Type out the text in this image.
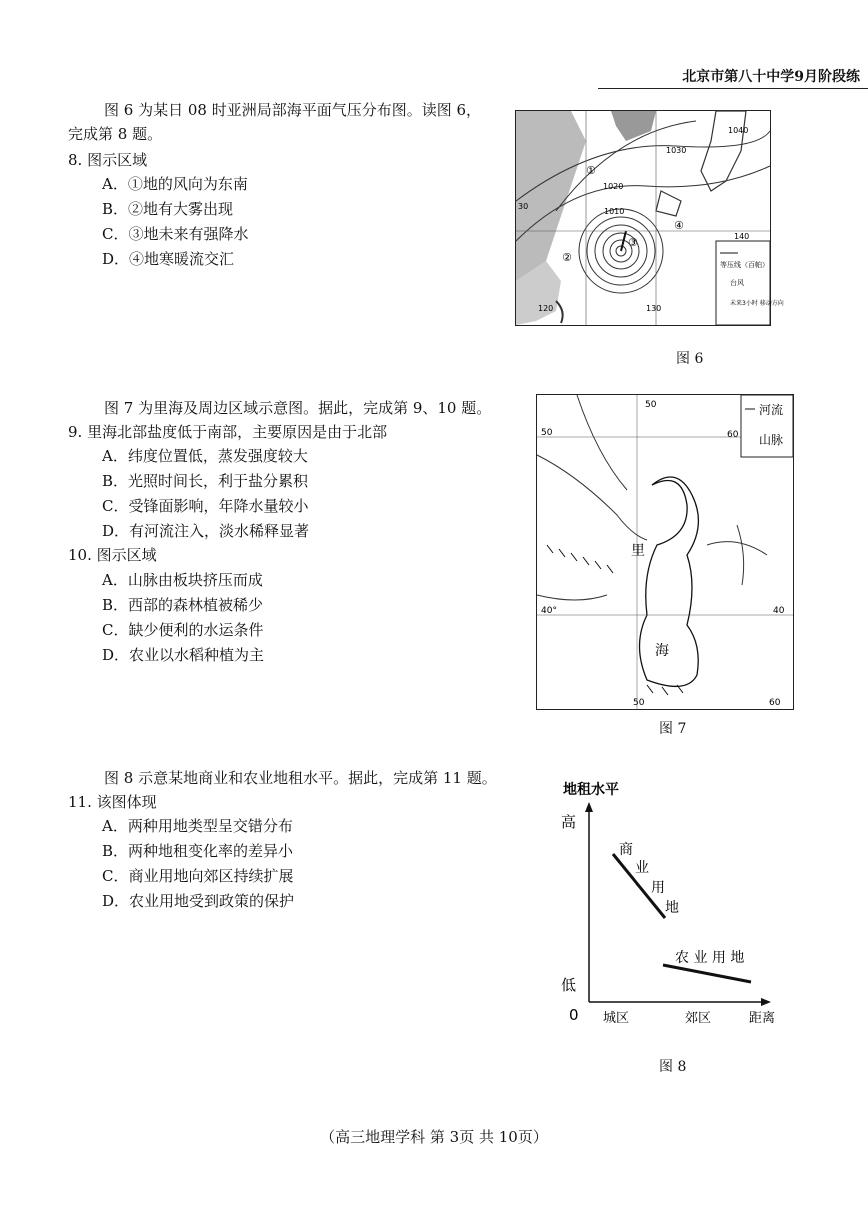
北京市第八十中学9月阶段练
图 6 为某日 08 时亚洲局部海平面气压分布图。读图 6，
完成第 8 题。
8. 图示区域
A．①地的风向为东南
B．②地有大雾出现
C．③地未来有强降水
D．④地寒暖流交汇
1040
1030
1020
1010
30
120	130
140
①
②
③
④
等压线（百帕）
台风
未来3小时 移动方向
图 6
图 7 为里海及周边区域示意图。据此，完成第 9、10 题。
9. 里海北部盐度低于南部，主要原因是由于北部
A．纬度位置低，蒸发强度较大
B．光照时间长，利于盐分累积
C．受锋面影响，年降水量较小
D．有河流注入，淡水稀释显著
10. 图示区域
A．山脉由板块挤压而成
B．西部的森林植被稀少
C．缺少便利的水运条件
D．农业以水稻种植为主
河流
山脉
里
海
50
60
40°
50
40
50	60
图 7
图 8 示意某地商业和农业地租水平。据此，完成第 11 题。
11. 该图体现
A．两种用地类型呈交错分布
B．两种地租变化率的差异小
C．商业用地向郊区持续扩展
D．农业用地受到政策的保护
地租水平
高
低
0
商
业
用
地
农 业 用 地
城区	郊区	距离
图 8
（高三地理学科 第 3页 共 10页）
